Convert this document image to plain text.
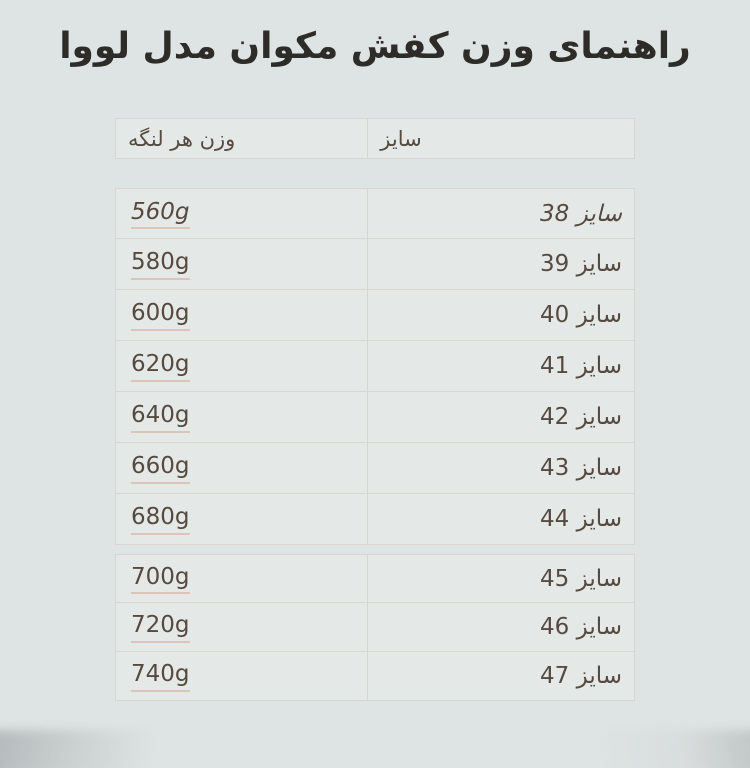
راهنمای وزن کفش مکوان مدل لووا
وزن هر لنگه	سایز
560g	سایز 38
580g	سایز 39
600g	سایز 40
620g	سایز 41
640g	سایز 42
660g	سایز 43
680g	سایز 44
700g	سایز 45
720g	سایز 46
740g	سایز 47
